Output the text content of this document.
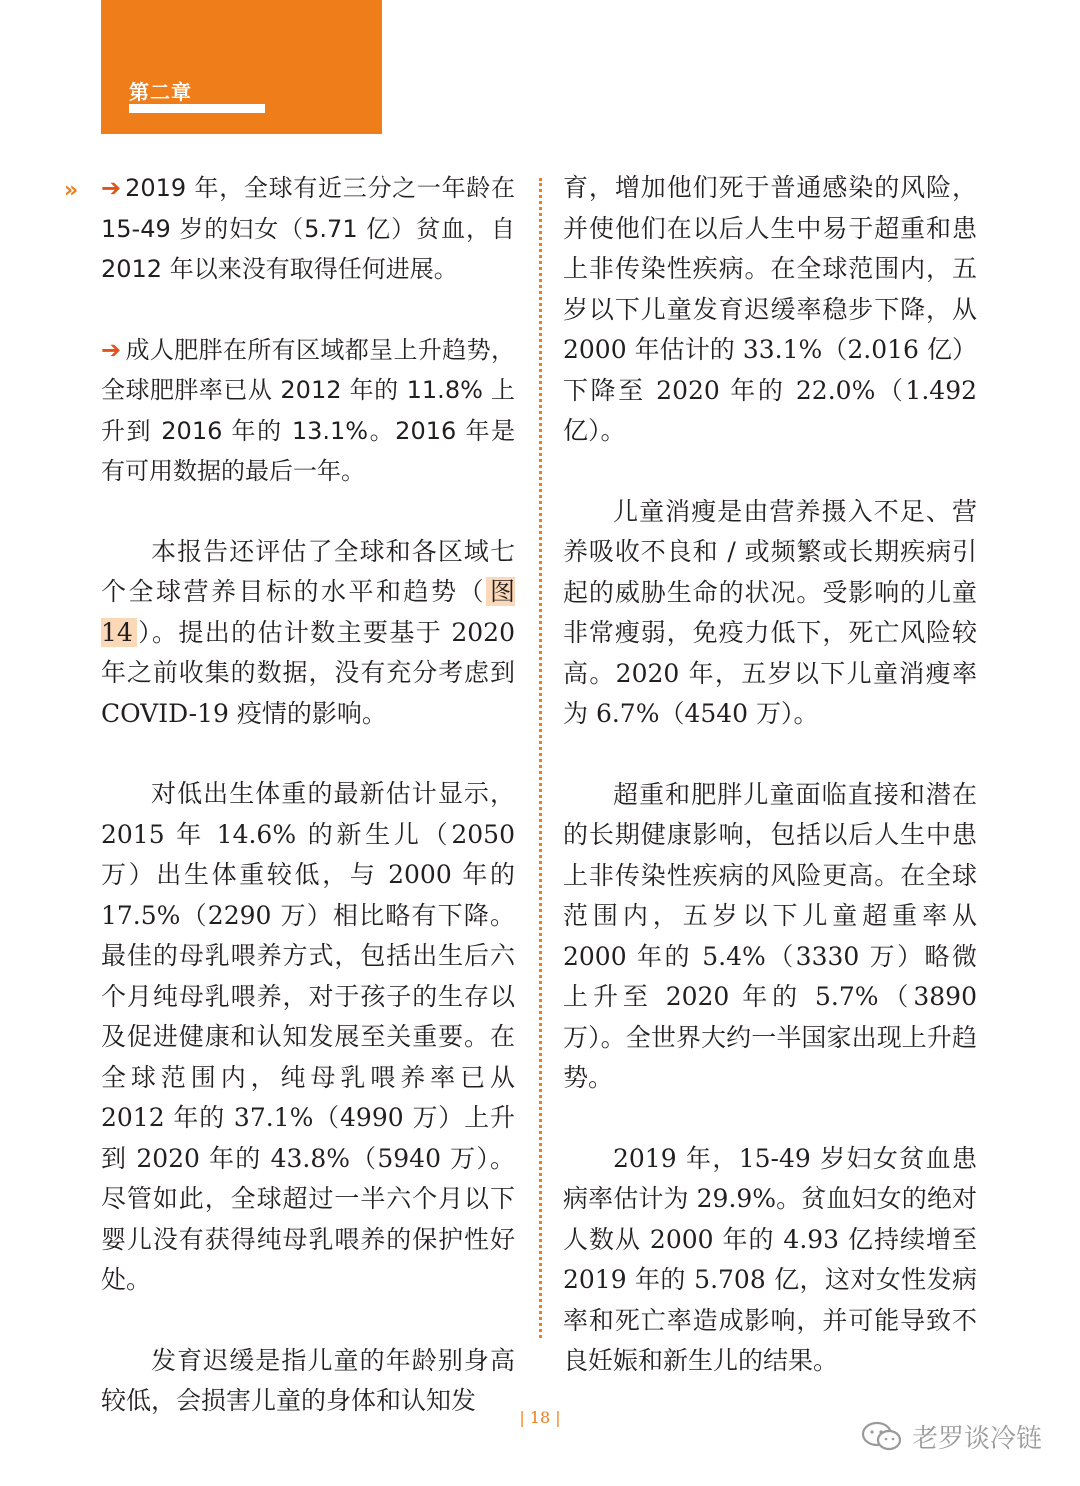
第二章
» ➔ 2019 年，全球有近三分之一年龄在 15-49 岁的妇女（5.71 亿）贫血，自 2012 年以来没有取得任何进展。

➔ 成人肥胖在所有区域都呈上升趋势，全球肥胖率已从 2012 年的 11.8% 上升到 2016 年的 13.1%。2016 年是有可用数据的最后一年。

本报告还评估了全球和各区域七个全球营养目标的水平和趋势（ 图 14 ）。提出的估计数主要基于 2020 年之前收集的数据，没有充分考虑到 COVID-19 疫情的影响。

对低出生体重的最新估计显示，2015 年 14.6% 的新生儿（2050 万）出生体重较低，与 2000 年的 17.5%（2290 万）相比略有下降。最佳的母乳喂养方式，包括出生后六个月纯母乳喂养，对于孩子的生存以及促进健康和认知发展至关重要。在全球范围内，纯母乳喂养率已从 2012 年的 37.1%（4990 万）上升到 2020 年的 43.8%（5940 万）。尽管如此，全球超过一半六个月以下婴儿没有获得纯母乳喂养的保护性好处。

发育迟缓是指儿童的年龄别身高较低，会损害儿童的身体和认知发

育，增加他们死于普通感染的风险，并使他们在以后人生中易于超重和患上非传染性疾病。在全球范围内，五岁以下儿童发育迟缓率稳步下降，从 2000 年估计的 33.1%（2.016 亿）下降至 2020 年的 22.0%（1.492 亿）。

儿童消瘦是由营养摄入不足、营养吸收不良和 / 或频繁或长期疾病引起的威胁生命的状况。受影响的儿童非常瘦弱，免疫力低下，死亡风险较高。2020 年，五岁以下儿童消瘦率为 6.7%（4540 万）。

超重和肥胖儿童面临直接和潜在的长期健康影响，包括以后人生中患上非传染性疾病的风险更高。在全球范围内，五岁以下儿童超重率从 2000 年的 5.4%（3330 万）略微上升至 2020 年的 5.7%（3890 万）。全世界大约一半国家出现上升趋势。

2019 年，15-49 岁妇女贫血患病率估计为 29.9%。贫血妇女的绝对人数从 2000 年的 4.93 亿持续增至 2019 年的 5.708 亿，这对女性发病率和死亡率造成影响，并可能导致不良妊娠和新生儿的结果。

| 18 |
老罗谈冷链
